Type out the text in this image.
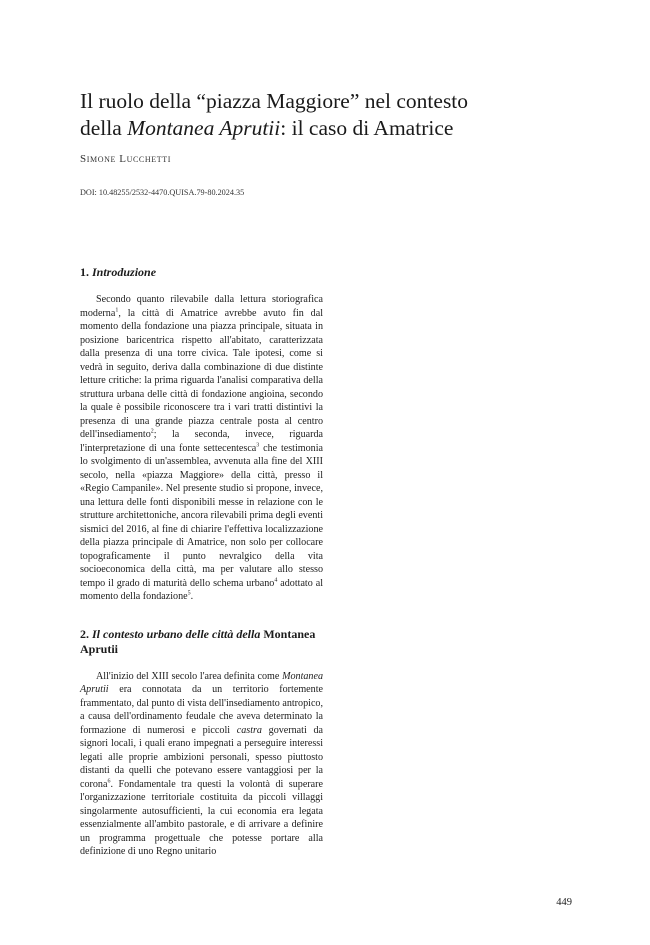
Il ruolo della “piazza Maggiore” nel contesto
della Montanea Aprutii: il caso di Amatrice
Simone Lucchetti
DOI: 10.48255/2532-4470.QUISA.79-80.2024.35
1. Introduzione

Secondo quanto rilevabile dalla lettura storiografica moderna$^1$, la città di Amatrice avrebbe avuto fin dal momento della fondazione una piazza principale, situata in posizione baricentrica rispetto all'abitato, caratterizzata dalla presenza di una torre civica. Tale ipotesi, come si vedrà in seguito, deriva dalla combinazione di due distinte letture critiche: la prima riguarda l'analisi comparativa della struttura urbana delle città di fondazione angioina, secondo la quale è possibile riconoscere tra i vari tratti distintivi la presenza di una grande piazza centrale posta al centro dell'insediamento$^2$; la seconda, invece, riguarda l'interpretazione di una fonte settecentesca$^3$ che testimonia lo svolgimento di un'assemblea, avvenuta alla fine del XIII secolo, nella «piazza Maggiore» della città, presso il «Regio Campanile». Nel presente studio si propone, invece, una lettura delle fonti disponibili messe in relazione con le strutture architettoniche, ancora rilevabili prima degli eventi sismici del 2016, al fine di chiarire l'effettiva localizzazione della piazza principale di Amatrice, non solo per collocare topograficamente il punto nevralgico della vita socioeconomica della città, ma per valutare allo stesso tempo il grado di maturità dello schema urbano$^4$ adottato al momento della fondazione$^5$.

2. Il contesto urbano delle città della Montanea Aprutii

All'inizio del XIII secolo l'area definita come Montanea Aprutii era connotata da un territorio fortemente frammentato, dal punto di vista dell'insediamento antropico, a causa dell'ordinamento feudale che aveva determinato la formazione di numerosi e piccoli castra governati da signori locali, i quali erano impegnati a perseguire interessi legati alle proprie ambizioni personali, spesso piuttosto distanti da quelli che potevano essere vantaggiosi per la corona$^6$. Fondamentale tra questi la volontà di superare l'organizzazione territoriale costituita da piccoli villaggi singolarmente autosufficienti, la cui economia era legata essenzialmente all'ambito pastorale, e di arrivare a definire un programma progettuale che potesse portare alla definizione di uno Regno unitario

449
